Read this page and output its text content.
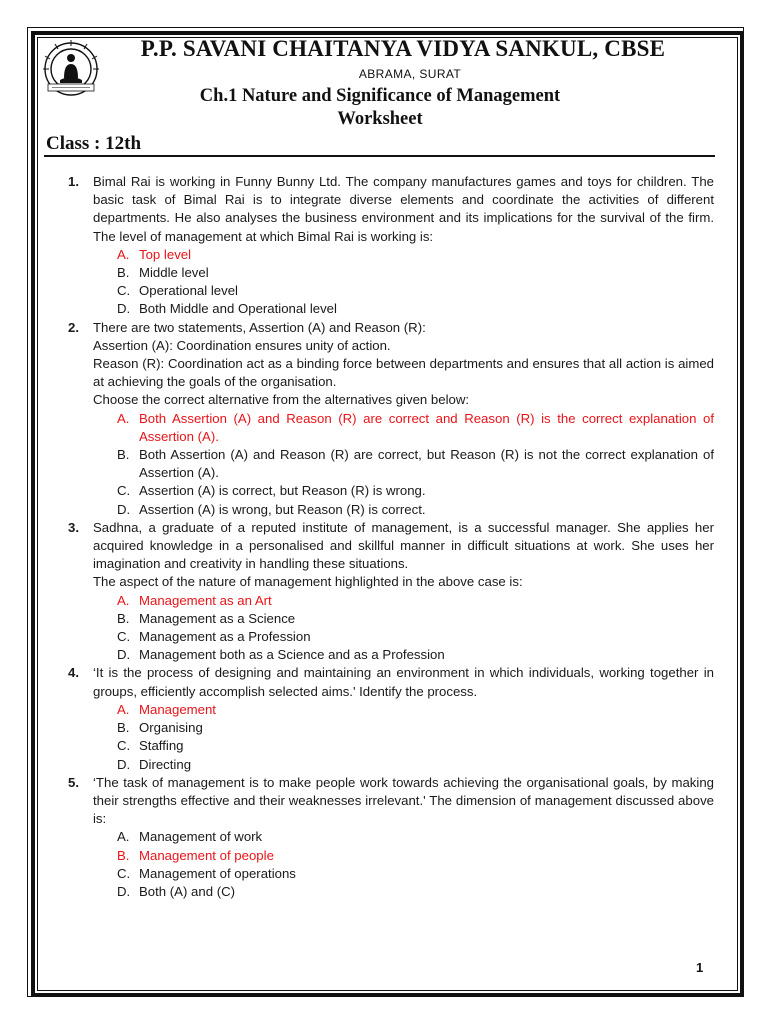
P.P. SAVANI CHAITANYA VIDYA SANKUL, CBSE
ABRAMA, SURAT
Ch.1 Nature and Significance of Management
Worksheet
Class : 12th
1. Bimal Rai is working in Funny Bunny Ltd. The company manufactures games and toys for children. The basic task of Bimal Rai is to integrate diverse elements and coordinate the activities of different departments. He also analyses the business environment and its implications for the survival of the firm. The level of management at which Bimal Rai is working is:
A. Top level
B. Middle level
C. Operational level
D. Both Middle and Operational level
2. There are two statements, Assertion (A) and Reason (R):
Assertion (A): Coordination ensures unity of action.
Reason (R): Coordination act as a binding force between departments and ensures that all action is aimed at achieving the goals of the organisation.
Choose the correct alternative from the alternatives given below:
A. Both Assertion (A) and Reason (R) are correct and Reason (R) is the correct explanation of Assertion (A).
B. Both Assertion (A) and Reason (R) are correct, but Reason (R) is not the correct explanation of Assertion (A).
C. Assertion (A) is correct, but Reason (R) is wrong.
D. Assertion (A) is wrong, but Reason (R) is correct.
3. Sadhna, a graduate of a reputed institute of management, is a successful manager. She applies her acquired knowledge in a personalised and skillful manner in difficult situations at work. She uses her imagination and creativity in handling these situations.
The aspect of the nature of management highlighted in the above case is:
A. Management as an Art
B. Management as a Science
C. Management as a Profession
D. Management both as a Science and as a Profession
4. ‘It is the process of designing and maintaining an environment in which individuals, working together in groups, efficiently accomplish selected aims.' Identify the process.
A. Management
B. Organising
C. Staffing
D. Directing
5. ‘The task of management is to make people work towards achieving the organisational goals, by making their strengths effective and their weaknesses irrelevant.' The dimension of management discussed above is:
A. Management of work
B. Management of people
C. Management of operations
D. Both (A) and (C)
1
